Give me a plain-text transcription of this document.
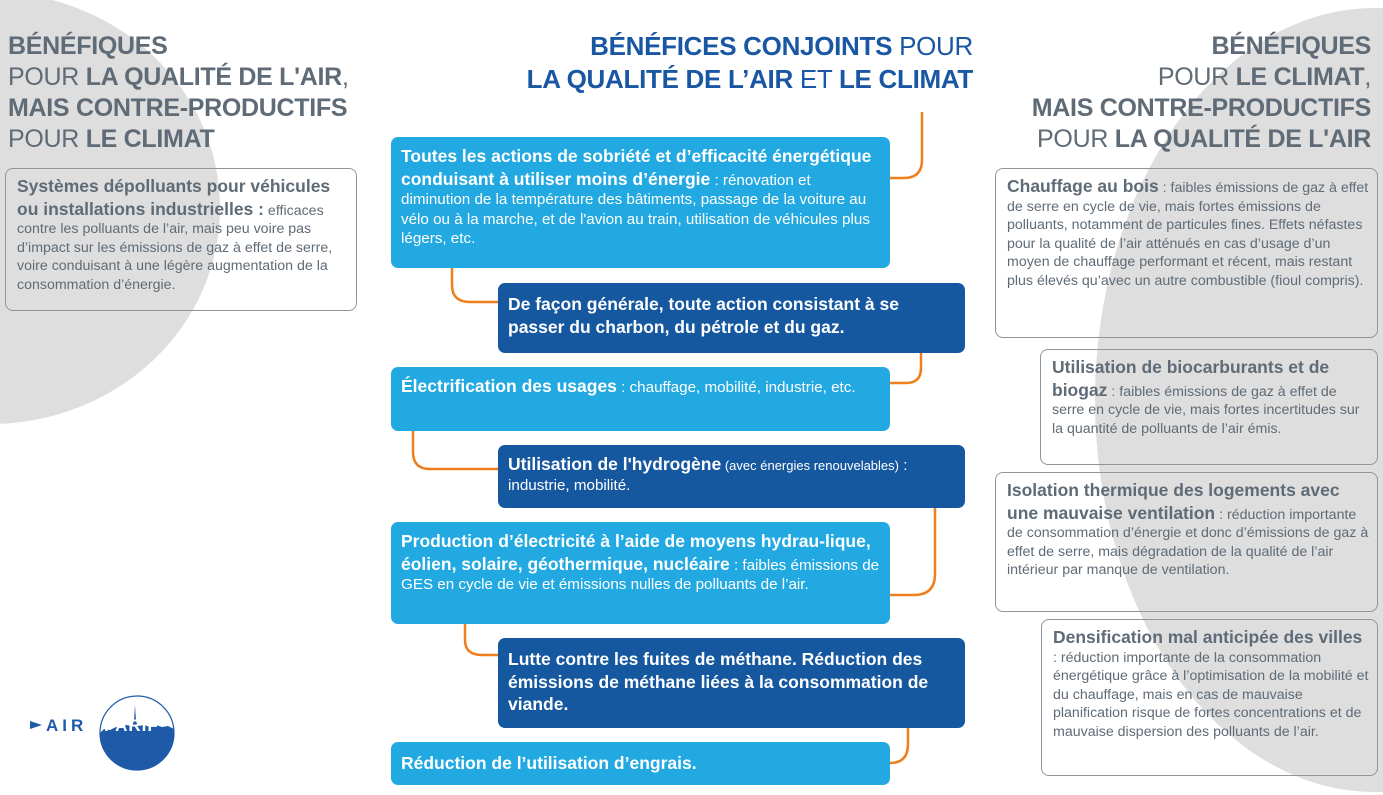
BÉNÉFIQUES
POUR LA QUALITÉ DE L'AIR,
MAIS CONTRE-PRODUCTIFS
POUR LE CLIMAT
Systèmes dépolluants pour véhicules ou installations industrielles : efficaces contre les polluants de l’air, mais peu voire pas d’impact sur les émissions de gaz à effet de serre, voire conduisant à une légère augmentation de la consommation d’énergie.
BÉNÉFICES CONJOINTS POUR
LA QUALITÉ DE L’AIR ET LE CLIMAT
Toutes les actions de sobriété et d’efficacité énergétique conduisant à utiliser moins d’énergie : rénovation et diminution de la température des bâtiments, passage de la voiture au vélo ou à la marche, et de l'avion au train, utilisation de véhicules plus légers, etc.
De façon générale, toute action consistant à se passer du charbon, du pétrole et du gaz.
Électrification des usages : chauffage, mobilité, industrie, etc.
Utilisation de l'hydrogène (avec énergies renouvelables) : industrie, mobilité.
Production d’électricité à l’aide de moyens hydrau-lique, éolien, solaire, géothermique, nucléaire : faibles émissions de GES en cycle de vie et émissions nulles de polluants de l’air.
Lutte contre les fuites de méthane. Réduction des émissions de méthane liées à la consommation de viande.
Réduction de l’utilisation d’engrais.
BÉNÉFIQUES
POUR LE CLIMAT,
MAIS CONTRE-PRODUCTIFS
POUR LA QUALITÉ DE L'AIR
Chauffage au bois : faibles émissions de gaz à effet de serre en cycle de vie, mais fortes émissions de polluants, notamment de particules fines. Effets néfastes pour la qualité de l’air atténués en cas d’usage d’un moyen de chauffage performant et récent, mais restant plus élevés qu’avec un autre combustible (fioul compris).
Utilisation de biocarburants et de biogaz : faibles émissions de gaz à effet de serre en cycle de vie, mais fortes incertitudes sur la quantité de polluants de l’air émis.
Isolation thermique des logements avec une mauvaise ventilation : réduction importante de consommation d’énergie et donc d’émissions de gaz à effet de serre, mais dégradation de la qualité de l’air intérieur par manque de ventilation.
Densification mal anticipée des villes : réduction importante de la consommation énergétique grâce à l’optimisation de la mobilité et du chauffage, mais en cas de mauvaise planification risque de fortes concentrations et de mauvaise dispersion des polluants de l’air.
AIR PARIF
